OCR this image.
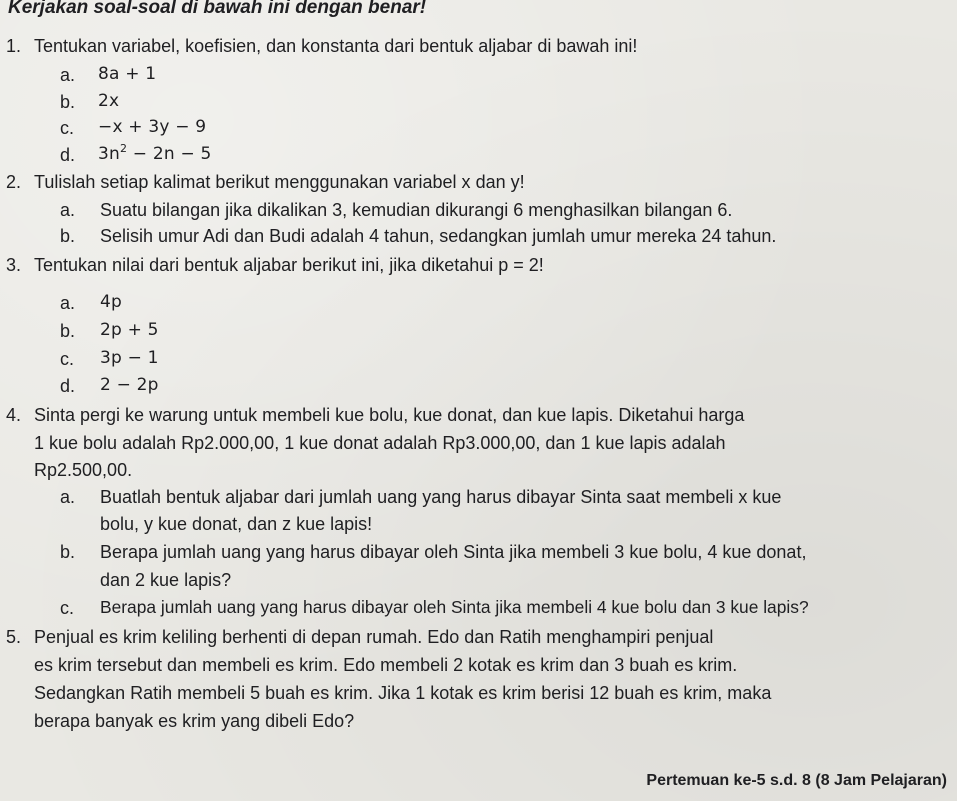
Kerjakan soal-soal di bawah ini dengan benar!
1. Tentukan variabel, koefisien, dan konstanta dari bentuk aljabar di bawah ini!
a. 8a + 1
b. 2x
c. −x + 3y − 9
d. $3n^2 - 2n - 5$
2. Tulislah setiap kalimat berikut menggunakan variabel x dan y!
a. Suatu bilangan jika dikalikan 3, kemudian dikurangi 6 menghasilkan bilangan 6.
b. Selisih umur Adi dan Budi adalah 4 tahun, sedangkan jumlah umur mereka 24 tahun.
3. Tentukan nilai dari bentuk aljabar berikut ini, jika diketahui p = 2!
a. 4p
b. 2p + 5
c. 3p − 1
d. 2 − 2p
4. Sinta pergi ke warung untuk membeli kue bolu, kue donat, dan kue lapis. Diketahui harga
1 kue bolu adalah Rp2.000,00, 1 kue donat adalah Rp3.000,00, dan 1 kue lapis adalah
Rp2.500,00.
a. Buatlah bentuk aljabar dari jumlah uang yang harus dibayar Sinta saat membeli x kue
bolu, y kue donat, dan z kue lapis!
b. Berapa jumlah uang yang harus dibayar oleh Sinta jika membeli 3 kue bolu, 4 kue donat,
dan 2 kue lapis?
c. Berapa jumlah uang yang harus dibayar oleh Sinta jika membeli 4 kue bolu dan 3 kue lapis?
5. Penjual es krim keliling berhenti di depan rumah. Edo dan Ratih menghampiri penjual
es krim tersebut dan membeli es krim. Edo membeli 2 kotak es krim dan 3 buah es krim.
Sedangkan Ratih membeli 5 buah es krim. Jika 1 kotak es krim berisi 12 buah es krim, maka
berapa banyak es krim yang dibeli Edo?
Pertemuan ke-5 s.d. 8 (8 Jam Pelajaran)
